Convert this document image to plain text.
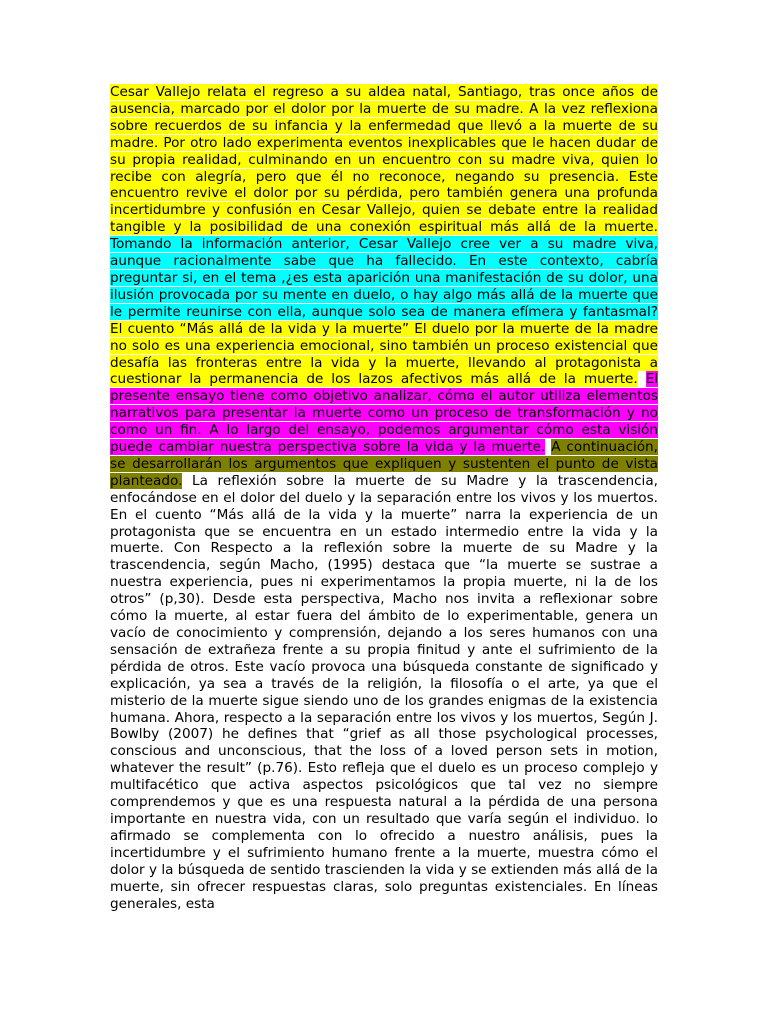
Cesar Vallejo relata el regreso a su aldea natal, Santiago, tras once años de ausencia, marcado por el dolor por la muerte de su madre. A la vez reflexiona sobre recuerdos de su infancia y la enfermedad que llevó a la muerte de su madre. Por otro lado experimenta eventos inexplicables que le hacen dudar de su propia realidad, culminando en un encuentro con su madre viva, quien lo recibe con alegría, pero que él no reconoce, negando su presencia. Este encuentro revive el dolor por su pérdida, pero también genera una profunda incertidumbre y confusión en Cesar Vallejo, quien se debate entre la realidad tangible y la posibilidad de una conexión espiritual más allá de la muerte. Tomando la información anterior, Cesar Vallejo cree ver a su madre viva, aunque racionalmente sabe que ha fallecido. En este contexto, cabría preguntar si, en el tema ,¿es esta aparición una manifestación de su dolor, una ilusión provocada por su mente en duelo, o hay algo más allá de la muerte que le permite reunirse con ella, aunque solo sea de manera efímera y fantasmal? El cuento “Más allá de la vida y la muerte” El duelo por la muerte de la madre no solo es una experiencia emocional, sino también un proceso existencial que desafía las fronteras entre la vida y la muerte, llevando al protagonista a cuestionar la permanencia de los lazos afectivos más allá de la muerte. El presente ensayo tiene como objetivo analizar, cómo el autor utiliza elementos narrativos para presentar la muerte como un proceso de transformación y no como un fin. A lo largo del ensayo, podemos argumentar cómo esta visión puede cambiar nuestra perspectiva sobre la vida y la muerte. A continuación, se desarrollarán los argumentos que expliquen y sustenten el punto de vista planteado. La reflexión sobre la muerte de su Madre y la trascendencia, enfocándose en el dolor del duelo y la separación entre los vivos y los muertos. En el cuento “Más allá de la vida y la muerte” narra la experiencia de un protagonista que se encuentra en un estado intermedio entre la vida y la muerte. Con Respecto a la reflexión sobre la muerte de su Madre y la trascendencia, según Macho, (1995) destaca que “la muerte se sustrae a nuestra experiencia, pues ni experimentamos la propia muerte, ni la de los otros” (p,30). Desde esta perspectiva, Macho nos invita a reflexionar sobre cómo la muerte, al estar fuera del ámbito de lo experimentable, genera un vacío de conocimiento y comprensión, dejando a los seres humanos con una sensación de extrañeza frente a su propia finitud y ante el sufrimiento de la pérdida de otros. Este vacío provoca una búsqueda constante de significado y explicación, ya sea a través de la religión, la filosofía o el arte, ya que el misterio de la muerte sigue siendo uno de los grandes enigmas de la existencia humana. Ahora, respecto a la separación entre los vivos y los muertos, Según J. Bowlby (2007) he defines that “grief as all those psychological processes, conscious and unconscious, that the loss of a loved person sets in motion, whatever the result” (p.76). Esto refleja que el duelo es un proceso complejo y multifacético que activa aspectos psicológicos que tal vez no siempre comprendemos y que es una respuesta natural a la pérdida de una persona importante en nuestra vida, con un resultado que varía según el individuo. lo afirmado se complementa con lo ofrecido a nuestro análisis, pues la incertidumbre y el sufrimiento humano frente a la muerte, muestra cómo el dolor y la búsqueda de sentido trascienden la vida y se extienden más allá de la muerte, sin ofrecer respuestas claras, solo preguntas existenciales. En líneas generales, esta
